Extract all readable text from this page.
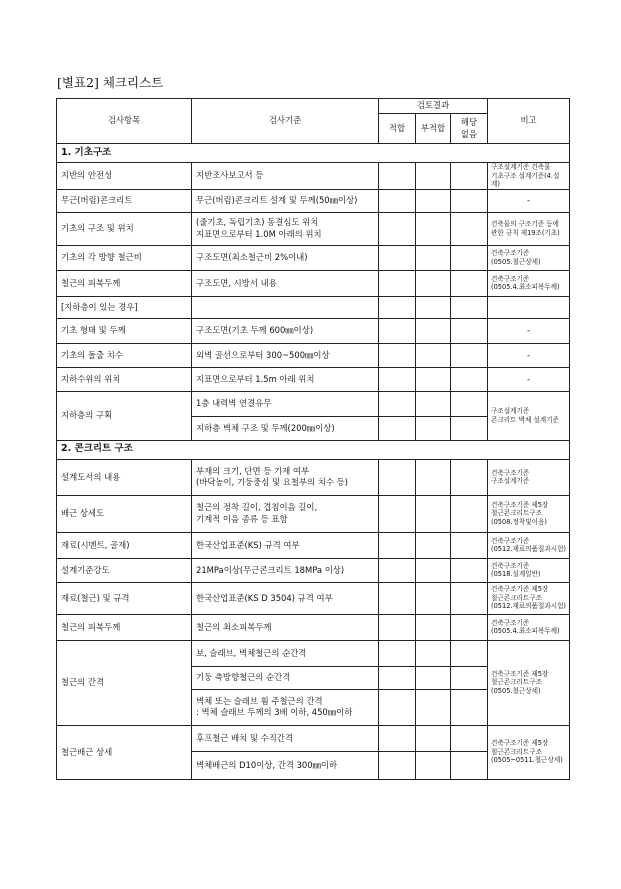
[별표2] 체크리스트
검사항목	검사기준	검토결과			비고
		적합	부적합	해당
없음	
1. 기초구조					
지반의 안전성	지반조사보고서 등				구조설계기준 건축물
기초구조 설계기준(4.설계)
무근(버림)콘크리트	무근(버림)콘크리트 설계 및 두께(50㎜이상)				-
기초의 구조 및 위치	(줄기초, 독립기초) 동결심도 위치
지표면으로부터 1.0M 아래의 위치				건축물의 구조기준 등에
관한 규칙 제19조(기초)
기초의 각 방향 철근비	구조도면(최소철근비 2%이내)				건축구조기준
(0505.철근상세)
철근의 피복두께	구조도면, 시방서 내용				건축구조기준
(0505.4.최소피복두께)
[지하층이 있는 경우]					
기초 형태 및 두께	구조도면(기초 두께 600㎜이상)				-
기초의 돌출 치수	외벽 골선으로부터 300~500㎜이상				-
지하수위의 위치	지표면으로부터 1.5m 아래 위치				-
지하층의 구획	1층 내력벽 연결유무				구조설계기준
콘크리트 벽체 설계기준
	지하층 벽체 구조 및 두께(200㎜이상)				
2. 콘크리트 구조					
설계도서의 내용	부재의 크기, 단면 등 기재 여부
(바닥높이, 기둥중심 및 요철부의 치수 등)				건축구조기준
구조설계기준
배근 상세도	철근의 정착 길이, 겹침이음 길이,
기계적 이음 종류 등 표함				건축구조기준 제5장
철근콘크리트구조
(0508.정착및이음)
재료(시멘트, 골재)	한국산업표준(KS) 규격 여부				건축구조기준
(0512.재료의품질과시험)
설계기준강도	21MPa이상(무근콘크리트 18MPa 이상)				건축구조기준
(0518.설계일반)
재료(철근) 및 규격	한국산업표준(KS D 3504) 규격 여부				건축구조기준 제5장
철근콘크리트구조
(0512.재료의품질과시험)
철근의 피복두께	철근의 최소피복두께				건축구조기준
(0505.4.최소피복두께)
철근의 간격	보, 슬래브, 벽체철근의 순간격				건축구조기준 제5장
철근콘크리트구조
(0505.철근상세)
	기둥 축방향철근의 순간격				
	벽체 또는 슬래브 휨 주철근의 간격
: 벽체 슬래브 두께의 3배 이하, 450㎜이하				
철근배근 상세	후프철근 배치 및 수직간격				건축구조기준 제5장
철근콘크리트구조
(0505~0511.철근상세)
	벽체배근의 D10이상, 간격 300㎜이하				
